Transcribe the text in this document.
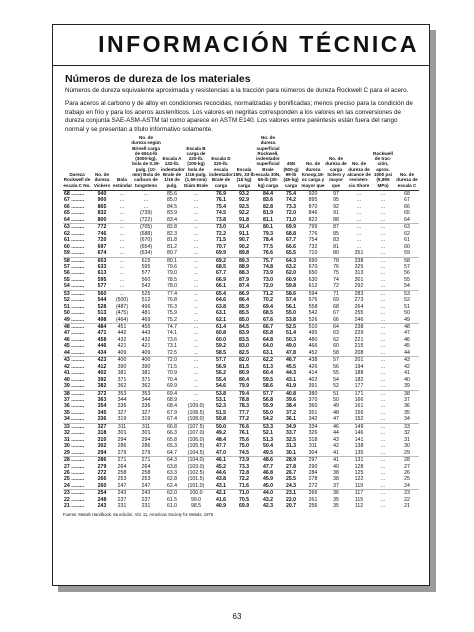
INFORMACIÓN TÉCNICA
Números de dureza de los materiales
Números de dureza equivalente aproximada y resistencias a la tracción para números de dureza Rockwell C para el acero.
Para aceros al carbono y de alloy en condiciones recocidas, normalizadas y bonificadas; menos preciso para la condición de trabajo en frío y para los aceros austeníticos. Los valores en negritas corresponden a los valores en las conversiones de dureza conjunta SAE-ASM-ASTM tal como aparece en ASTM E140. Los valores entre paréntesis están fuera del rango normal y se presentan a título informativo solamente.
Dureza Rockwell de escala C No.	No. de dureza Vickers	Bola estándar	No. de dureza según Brinell carga de 6614-lb (3000-kg), bola de 0.39-pulg. (10-mm) Bola de carburo de tungsteno	Escala A 132-lb. indentador Brale de 1/16 de pulg.	Escala B carga de 220-lb. (100-kg) bola de 1/16-pulg. (1,59-mm) Diám Brale	Escala D 220-lb. escala indentador Brale de carga	Escala 15N, 33-lb (15 kg) carga	No. de dureza superficial Rockwell, indentador superficial Brale escala 30N, 66-lb (30-kg) carga	45N (500-g) 99-lb (45-kg) carga	No. de dureza Knoop,18-oz carga y mayor que	No. de dureza de carga Sclero y mayor que	No. de dureza de alcance de resisten-cia Shore	Rockwell de trac-ción, aprox. 1000 psi (6,895 MPa)	No. de dureza de escala C
68 .........	940	...	...	85.6	...	76.9	93.2	84.4	75.4	920	97	...	...	68
67 .........	900	...	...	85.0	...	76.1	92.9	83.6	74.2	895	95	...	...	67
66 .........	865	...	...	84.5	...	75.4	92.5	82.8	73.3	870	92	...	...	66
65 .........	832	...	(739)	83.9	...	74.5	92.2	81.9	72.0	846	91	...	...	65
64 .........	800	...	(722)	83.4	...	73.8	91.8	81.1	71.0	822	88	...	...	64
63 .........	772	...	(705)	82.8	...	73.0	91.4	80.1	69.9	799	87	...	...	63
62 .........	746	...	(688)	82.3	...	72.2	91.1	79.3	68.8	776	85	...	...	62
61 .........	720	...	(670)	81.8	...	71.5	90.7	78.4	67.7	754	83	...	...	61
60 .........	697	...	(654)	81.2	...	70.7	90.2	77.5	66.6	732	81	...	...	60
59 .........	674	...	(634)	80.7	...	69.9	89.8	76.6	65.5	710	80	351	...	59
58 .........	653	...	615	80.1	...	69.2	89.3	75.7	64.3	690	78	338	...	58
57 .........	633	...	595	79.6	...	68.5	88.9	74.8	63.2	670	76	325	...	57
56 .........	613	...	577	79.0	...	67.7	88.3	73.9	62.0	650	75	313	...	56
55 .........	595	...	560	78.5	...	66.9	87.9	73.0	60.9	630	74	301	...	55
54 .........	577	...	543	78.0	...	66.1	87.4	72.0	59.8	612	72	292	...	54
53 .........	560	...	525	77.4	...	65.4	86.9	71.2	58.6	594	71	283	...	53
52 .........	544	(500)	512	76.8	...	64.6	86.4	70.2	57.4	576	69	273	...	52
51 .........	528	(487)	496	76.3	...	63.8	85.9	69.4	56.1	558	68	264	...	51
50 .........	513	(475)	481	75.9	...	63.1	85.5	68.5	55.0	542	67	255	...	50
49 .........	498	(464)	469	75.2	...	62.1	85.0	67.6	53.8	526	66	246	...	49
48 .........	484	451	455	74.7	...	61.4	84.5	66.7	52.5	510	64	238	...	48
47 .........	471	442	443	74.1	...	60.8	83.9	65.8	51.4	495	63	229	...	47
46 .........	458	432	432	73.6	...	60.0	83.5	64.8	50.3	480	62	221	...	46
45 .........	446	421	421	73.1	...	59.2	83.0	64.0	49.0	466	60	215	...	45
44 .........	434	409	409	72.5	...	58.5	82.5	63.1	47.8	452	58	208	...	44
43 .........	423	400	400	72.0	...	57.7	82.0	62.2	46.7	438	57	201	...	43
42 .........	412	390	390	71.5	...	56.9	81.5	61.3	45.5	426	56	194	...	42
41 .........	402	381	381	70.9	...	56.2	80.9	60.4	44.3	414	55	188	...	41
40 .........	392	371	371	70.4	...	55.4	80.4	59.5	43.1	402	54	182	...	40
39 .........	382	362	362	69.9	...	54.6	79.9	58.6	41.9	391	52	177	...	39
38 .........	372	353	353	69.4	...	53.8	79.4	57.7	40.8	380	51	171	...	38
37 .........	363	344	344	68.9	...	53.1	78.8	56.8	39.6	370	50	166	...	37
36 .........	354	336	336	68.4	(109.0)	52.3	78.3	55.9	38.4	360	49	161	...	36
35 .........	345	327	327	67.9	(108.5)	51.5	77.7	55.0	37.2	351	48	156	...	35
34 .........	336	319	319	67.4	(108.0)	50.8	77.2	54.2	36.1	342	47	152	...	34
33 .........	327	311	311	66.8	(107.5)	50.0	76.6	53.3	34.9	334	46	149	...	33
32 .........	318	301	301	66.3	(107.0)	49.2	76.1	52.1	33.7	326	44	146	...	32
31 .........	310	294	294	65.8	(106.0)	48.4	75.6	51.3	32.5	318	43	141	...	31
30 .........	302	286	286	65.3	(105.5)	47.7	75.0	50.4	31.3	311	42	138	...	30
29 .........	294	279	279	64.7	(104.5)	47.0	74.5	49.5	30.1	304	41	135	...	29
28 .........	286	271	271	64.3	(104.0)	46.1	73.9	48.6	28.9	297	41	131	...	28
27 .........	279	264	264	63.8	(103.0)	45.2	73.3	47.7	27.8	290	40	128	...	27
26 .........	272	258	258	63.3	(102.5)	44.6	72.8	46.8	26.7	284	38	125	...	26
25 .........	266	253	253	62.8	(101.5)	43.8	72.2	45.9	25.5	278	38	122	...	25
24 .........	260	247	247	62.4	(101.0)	43.1	71.6	45.0	24.3	272	37	119	...	24
23 .........	254	243	243	62.0	100.0	42.1	71.0	44.0	23.1	266	36	117	...	23
22 .........	248	237	237	61.5	99.0	41.6	70.5	43.2	22.0	261	35	115	...	22
21 .........	243	231	231	61.0	98.5	40.9	69.9	42.3	20.7	256	35	112	...	21
Fuente: Metals Handbook. 8a edición, Vol. 11, American Society for Metals, 1976
63
